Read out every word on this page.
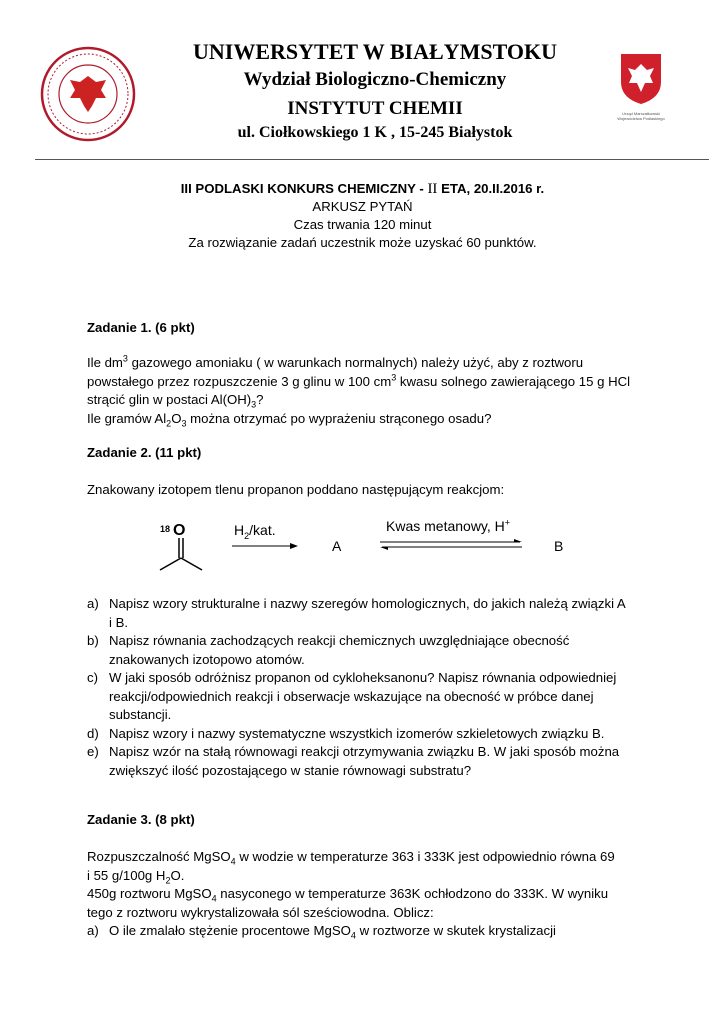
Urząd Marszałkowski Województwa Podlaskiego
UNIWERSYTET W BIAŁYMSTOKU
Wydział Biologiczno-Chemiczny
INSTYTUT CHEMII
ul. Ciołkowskiego 1 K , 15-245 Białystok
III PODLASKI KONKURS CHEMICZNY - II ETA, 20.II.2016 r.
ARKUSZ PYTAŃ
Czas trwania 120 minut
Za rozwiązanie zadań uczestnik może uzyskać 60 punktów.
Zadanie 1. (6 pkt)
Ile $dm^3$ gazowego amoniaku ( w warunkach normalnych) należy użyć, aby z roztworu
powstałego przez rozpuszczenie 3 g glinu w 100 $cm^3$ kwasu solnego zawierającego 15 g HCl
strącić glin w postaci $Al(OH)_3$?
Ile gramów $Al_2O_3$ można otrzymać po wyprażeniu strąconego osadu?
Zadanie 2. (11 pkt)
Znakowany izotopem tlenu propanon poddano następującym reakcjom:
18 O	$H_2$/kat.
A
Kwas metanowy, H+
B
a) Napisz wzory strukturalne i nazwy szeregów homologicznych, do jakich należą związki A
i B.
b) Napisz równania zachodzących reakcji chemicznych uwzględniające obecność
znakowanych izotopowo atomów.
c) W jaki sposób odróżnisz propanon od cykloheksanonu? Napisz równania odpowiedniej
reakcji/odpowiednich reakcji i obserwacje wskazujące na obecność w próbce danej
substancji.
d) Napisz wzory i nazwy systematyczne wszystkich izomerów szkieletowych związku B.
e) Napisz wzór na stałą równowagi reakcji otrzymywania związku B. W jaki sposób można
zwiększyć ilość pozostającego w stanie równowagi substratu?
Zadanie 3. (8 pkt)
Rozpuszczalność MgSO$_4$ w wodzie w temperaturze 363 i 333K jest odpowiednio równa 69
i 55 g/100g $H_2O$.
450g roztworu MgSO$_4$ nasyconego w temperaturze 363K ochłodzono do 333K. W wyniku
tego z roztworu wykrystalizowała sól sześciowodna. Oblicz:
a) O ile zmalało stężenie procentowe MgSO$_4$ w roztworze w skutek krystalizacji
